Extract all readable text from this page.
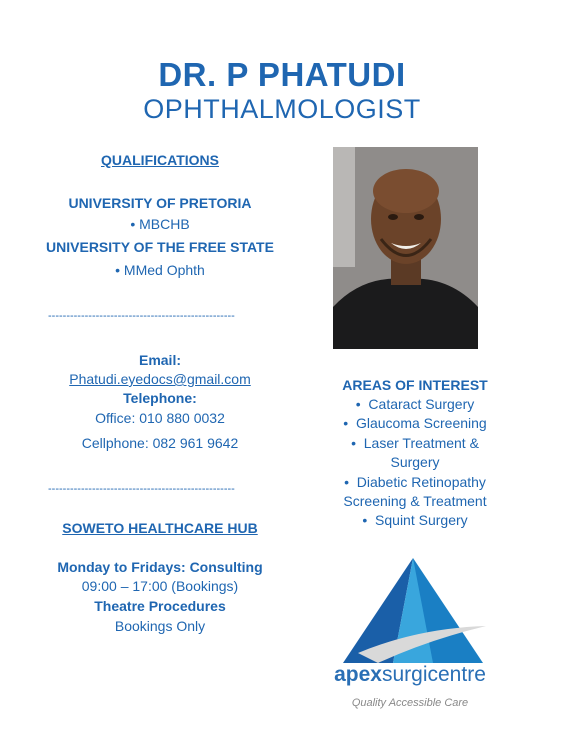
DR. P PHATUDI
OPHTHALMOLOGIST
QUALIFICATIONS
UNIVERSITY OF PRETORIA
• MBCHB
UNIVERSITY OF THE FREE STATE
• MMed Ophth
---------------------------------------------------
Email:
Phatudi.eyedocs@gmail.com
Telephone:
Office: 010 880 0032
Cellphone: 082 961 9642
---------------------------------------------------
SOWETO HEALTHCARE HUB
Monday to Fridays: Consulting
09:00 – 17:00 (Bookings)
Theatre Procedures
Bookings Only
AREAS OF INTEREST
• Cataract Surgery
• Glaucoma Screening
• Laser Treatment &
Surgery
• Diabetic Retinopathy
Screening & Treatment
• Squint Surgery
apexsurgicentre
Quality Accessible Care
